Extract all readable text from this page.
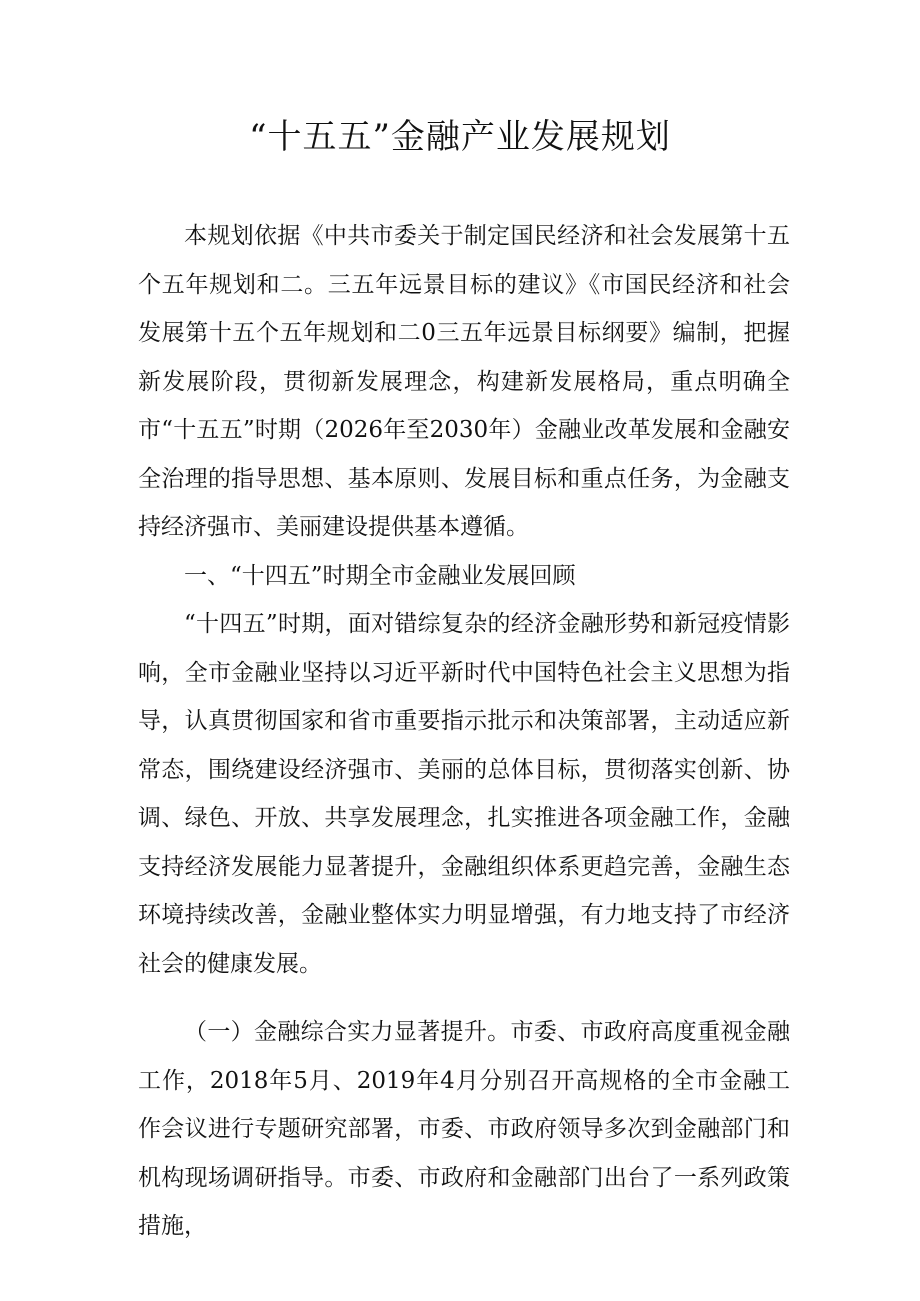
“十五五”金融产业发展规划

本规划依据《中共市委关于制定国民经济和社会发展第十五个五年规划和二。三五年远景目标的建议》《市国民经济和社会发展第十五个五年规划和二0三五年远景目标纲要》编制，把握新发展阶段，贯彻新发展理念，构建新发展格局，重点明确全市“十五五”时期（2026年至2030年）金融业改革发展和金融安全治理的指导思想、基本原则、发展目标和重点任务，为金融支持经济强市、美丽建设提供基本遵循。

一、“十四五”时期全市金融业发展回顾

“十四五”时期，面对错综复杂的经济金融形势和新冠疫情影响，全市金融业坚持以习近平新时代中国特色社会主义思想为指导，认真贯彻国家和省市重要指示批示和决策部署，主动适应新常态，围绕建设经济强市、美丽的总体目标，贯彻落实创新、协调、绿色、开放、共享发展理念，扎实推进各项金融工作，金融支持经济发展能力显著提升，金融组织体系更趋完善，金融生态环境持续改善，金融业整体实力明显增强，有力地支持了市经济社会的健康发展。

（一）金融综合实力显著提升。市委、市政府高度重视金融工作，2018年5月、2019年4月分别召开高规格的全市金融工作会议进行专题研究部署，市委、市政府领导多次到金融部门和机构现场调研指导。市委、市政府和金融部门出台了一系列政策措施，
